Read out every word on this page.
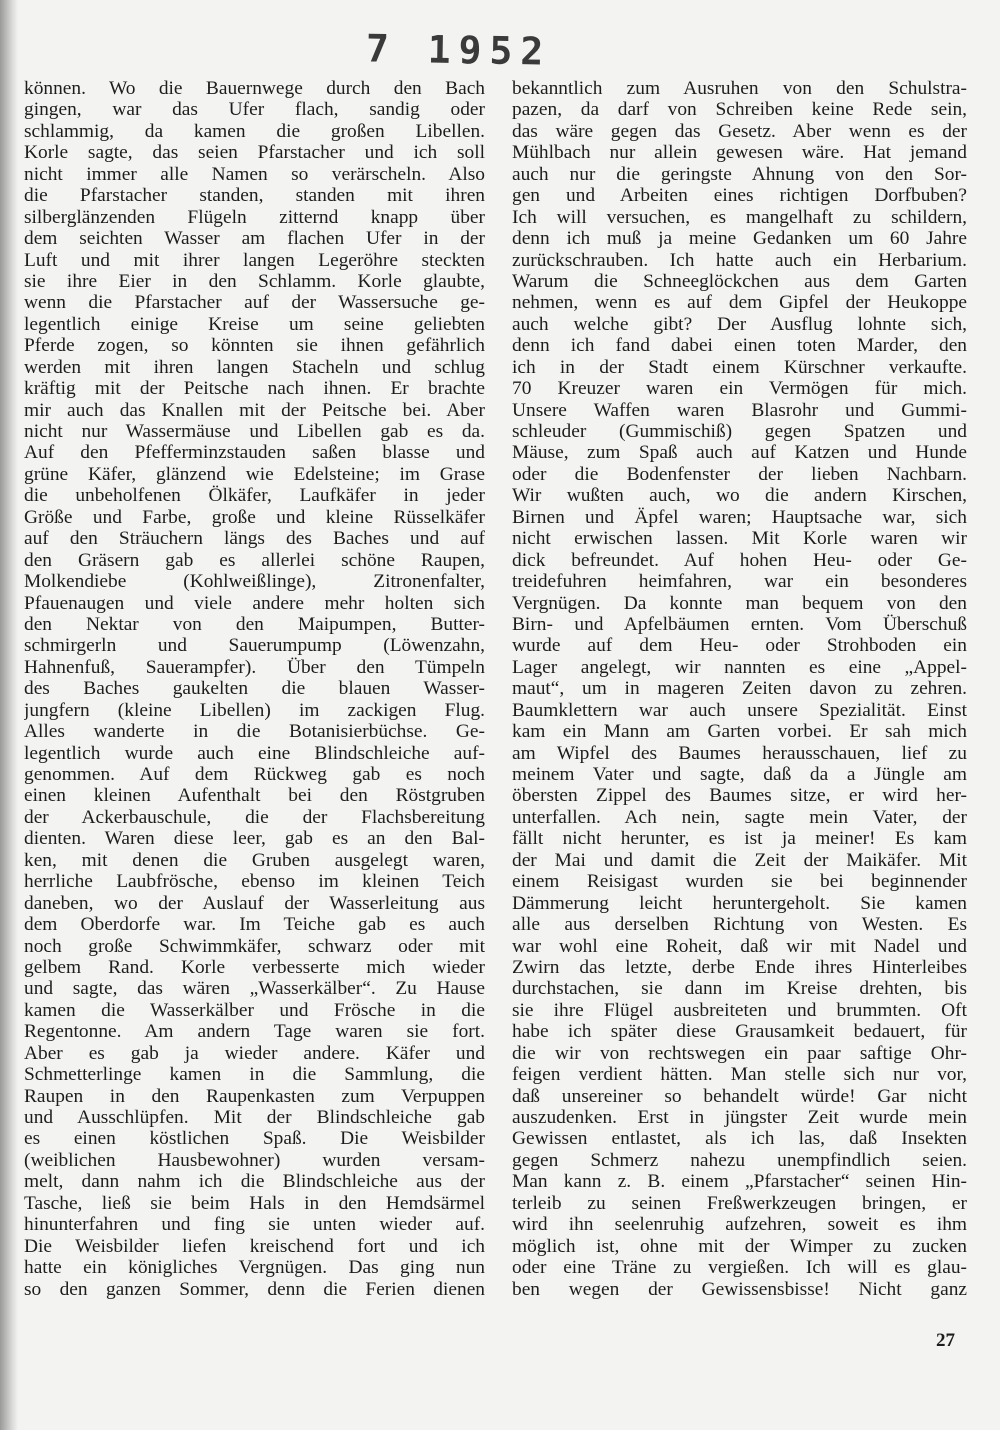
7 1952
können. Wo die Bauernwege durch den Bach
gingen, war das Ufer flach, sandig oder
schlammig, da kamen die großen Libellen.
Korle sagte, das seien Pfarstacher und ich soll
nicht immer alle Namen so verärscheln. Also
die Pfarstacher standen, standen mit ihren
silberglänzenden Flügeln zitternd knapp über
dem seichten Wasser am flachen Ufer in der
Luft und mit ihrer langen Legeröhre steckten
sie ihre Eier in den Schlamm. Korle glaubte,
wenn die Pfarstacher auf der Wassersuche ge-
legentlich einige Kreise um seine geliebten
Pferde zogen, so könnten sie ihnen gefährlich
werden mit ihren langen Stacheln und schlug
kräftig mit der Peitsche nach ihnen. Er brachte
mir auch das Knallen mit der Peitsche bei. Aber
nicht nur Wassermäuse und Libellen gab es da.
Auf den Pfefferminzstauden saßen blasse und
grüne Käfer, glänzend wie Edelsteine; im Grase
die unbeholfenen Ölkäfer, Laufkäfer in jeder
Größe und Farbe, große und kleine Rüsselkäfer
auf den Sträuchern längs des Baches und auf
den Gräsern gab es allerlei schöne Raupen,
Molkendiebe (Kohlweißlinge), Zitronenfalter,
Pfauenaugen und viele andere mehr holten sich
den Nektar von den Maipumpen, Butter-
schmirgerln und Sauerumpump (Löwenzahn,
Hahnenfuß, Sauerampfer). Über den Tümpeln
des Baches gaukelten die blauen Wasser-
jungfern (kleine Libellen) im zackigen Flug.
Alles wanderte in die Botanisierbüchse. Ge-
legentlich wurde auch eine Blindschleiche auf-
genommen. Auf dem Rückweg gab es noch
einen kleinen Aufenthalt bei den Röstgruben
der Ackerbauschule, die der Flachsbereitung
dienten. Waren diese leer, gab es an den Bal-
ken, mit denen die Gruben ausgelegt waren,
herrliche Laubfrösche, ebenso im kleinen Teich
daneben, wo der Auslauf der Wasserleitung aus
dem Oberdorfe war. Im Teiche gab es auch
noch große Schwimmkäfer, schwarz oder mit
gelbem Rand. Korle verbesserte mich wieder
und sagte, das wären „Wasserkälber“. Zu Hause
kamen die Wasserkälber und Frösche in die
Regentonne. Am andern Tage waren sie fort.
Aber es gab ja wieder andere. Käfer und
Schmetterlinge kamen in die Sammlung, die
Raupen in den Raupenkasten zum Verpuppen
und Ausschlüpfen. Mit der Blindschleiche gab
es einen köstlichen Spaß. Die Weisbilder
(weiblichen Hausbewohner) wurden versam-
melt, dann nahm ich die Blindschleiche aus der
Tasche, ließ sie beim Hals in den Hemdsärmel
hinunterfahren und fing sie unten wieder auf.
Die Weisbilder liefen kreischend fort und ich
hatte ein königliches Vergnügen. Das ging nun
so den ganzen Sommer, denn die Ferien dienen
bekanntlich zum Ausruhen von den Schulstra-
pazen, da darf von Schreiben keine Rede sein,
das wäre gegen das Gesetz. Aber wenn es der
Mühlbach nur allein gewesen wäre. Hat jemand
auch nur die geringste Ahnung von den Sor-
gen und Arbeiten eines richtigen Dorfbuben?
Ich will versuchen, es mangelhaft zu schildern,
denn ich muß ja meine Gedanken um 60 Jahre
zurückschrauben. Ich hatte auch ein Herbarium.
Warum die Schneeglöckchen aus dem Garten
nehmen, wenn es auf dem Gipfel der Heukoppe
auch welche gibt? Der Ausflug lohnte sich,
denn ich fand dabei einen toten Marder, den
ich in der Stadt einem Kürschner verkaufte.
70 Kreuzer waren ein Vermögen für mich.
Unsere Waffen waren Blasrohr und Gummi-
schleuder (Gummischiß) gegen Spatzen und
Mäuse, zum Spaß auch auf Katzen und Hunde
oder die Bodenfenster der lieben Nachbarn.
Wir wußten auch, wo die andern Kirschen,
Birnen und Äpfel waren; Hauptsache war, sich
nicht erwischen lassen. Mit Korle waren wir
dick befreundet. Auf hohen Heu- oder Ge-
treidefuhren heimfahren, war ein besonderes
Vergnügen. Da konnte man bequem von den
Birn- und Apfelbäumen ernten. Vom Überschuß
wurde auf dem Heu- oder Strohboden ein
Lager angelegt, wir nannten es eine „Appel-
maut“, um in mageren Zeiten davon zu zehren.
Baumklettern war auch unsere Spezialität. Einst
kam ein Mann am Garten vorbei. Er sah mich
am Wipfel des Baumes herausschauen, lief zu
meinem Vater und sagte, daß da a Jüngle am
öbersten Zippel des Baumes sitze, er wird her-
unterfallen. Ach nein, sagte mein Vater, der
fällt nicht herunter, es ist ja meiner! Es kam
der Mai und damit die Zeit der Maikäfer. Mit
einem Reisigast wurden sie bei beginnender
Dämmerung leicht heruntergeholt. Sie kamen
alle aus derselben Richtung von Westen. Es
war wohl eine Roheit, daß wir mit Nadel und
Zwirn das letzte, derbe Ende ihres Hinterleibes
durchstachen, sie dann im Kreise drehten, bis
sie ihre Flügel ausbreiteten und brummten. Oft
habe ich später diese Grausamkeit bedauert, für
die wir von rechtswegen ein paar saftige Ohr-
feigen verdient hätten. Man stelle sich nur vor,
daß unsereiner so behandelt würde! Gar nicht
auszudenken. Erst in jüngster Zeit wurde mein
Gewissen entlastet, als ich las, daß Insekten
gegen Schmerz nahezu unempfindlich seien.
Man kann z. B. einem „Pfarstacher“ seinen Hin-
terleib zu seinen Freßwerkzeugen bringen, er
wird ihn seelenruhig aufzehren, soweit es ihm
möglich ist, ohne mit der Wimper zu zucken
oder eine Träne zu vergießen. Ich will es glau-
ben wegen der Gewissensbisse! Nicht ganz
27
